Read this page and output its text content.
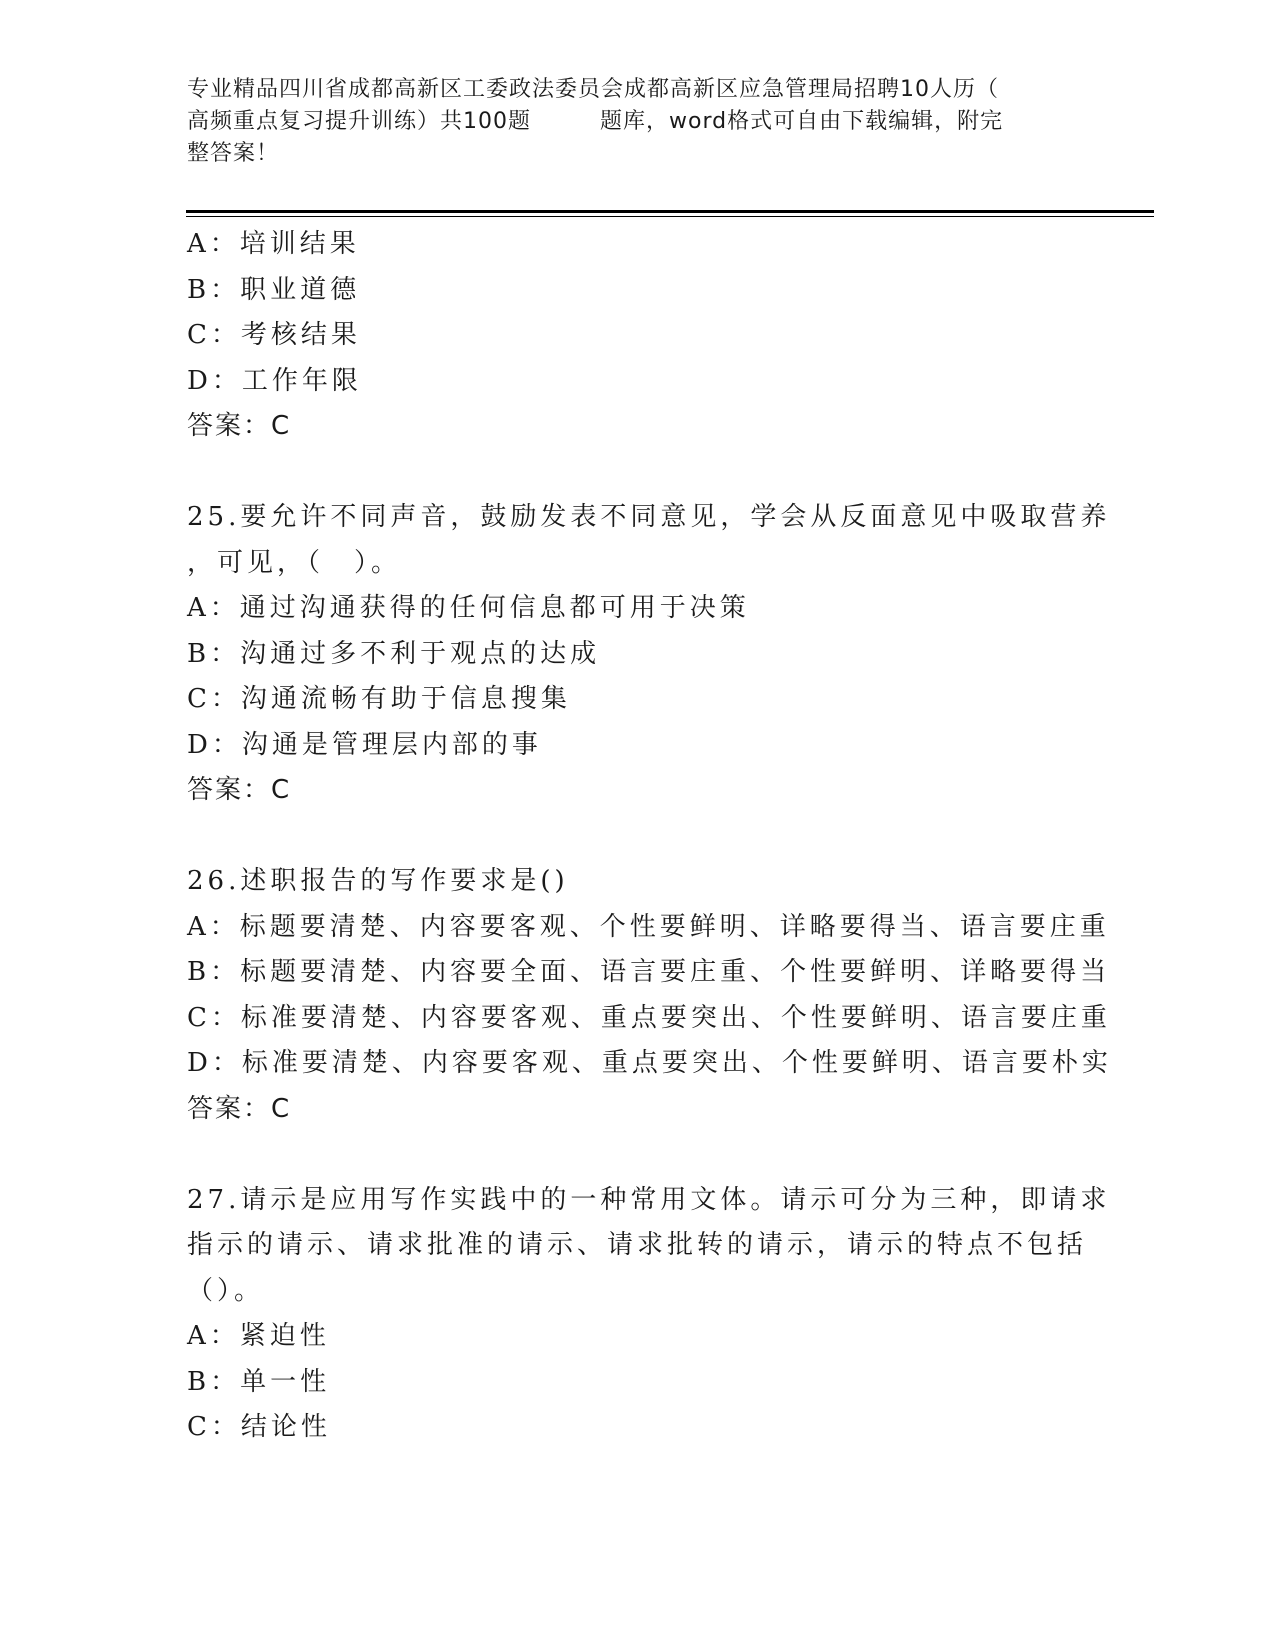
专业精品四川省成都高新区工委政法委员会成都高新区应急管理局招聘10人历（
高频重点复习提升训练）共100题　　　题库，word格式可自由下载编辑，附完
整答案！
A：培训结果
B：职业道德
C：考核结果
D：工作年限
答案：C
25.要允许不同声音，鼓励发表不同意见，学会从反面意见中吸取营养
，可见，（　）。
A：通过沟通获得的任何信息都可用于决策
B：沟通过多不利于观点的达成
C：沟通流畅有助于信息搜集
D：沟通是管理层内部的事
答案：C
26.述职报告的写作要求是()
A：标题要清楚、内容要客观、个性要鲜明、详略要得当、语言要庄重
B：标题要清楚、内容要全面、语言要庄重、个性要鲜明、详略要得当
C：标准要清楚、内容要客观、重点要突出、个性要鲜明、语言要庄重
D：标准要清楚、内容要客观、重点要突出、个性要鲜明、语言要朴实
答案：C
27.请示是应用写作实践中的一种常用文体。请示可分为三种，即请求
指示的请示、请求批准的请示、请求批转的请示，请示的特点不包括
（）。
A：紧迫性
B：单一性
C：结论性
